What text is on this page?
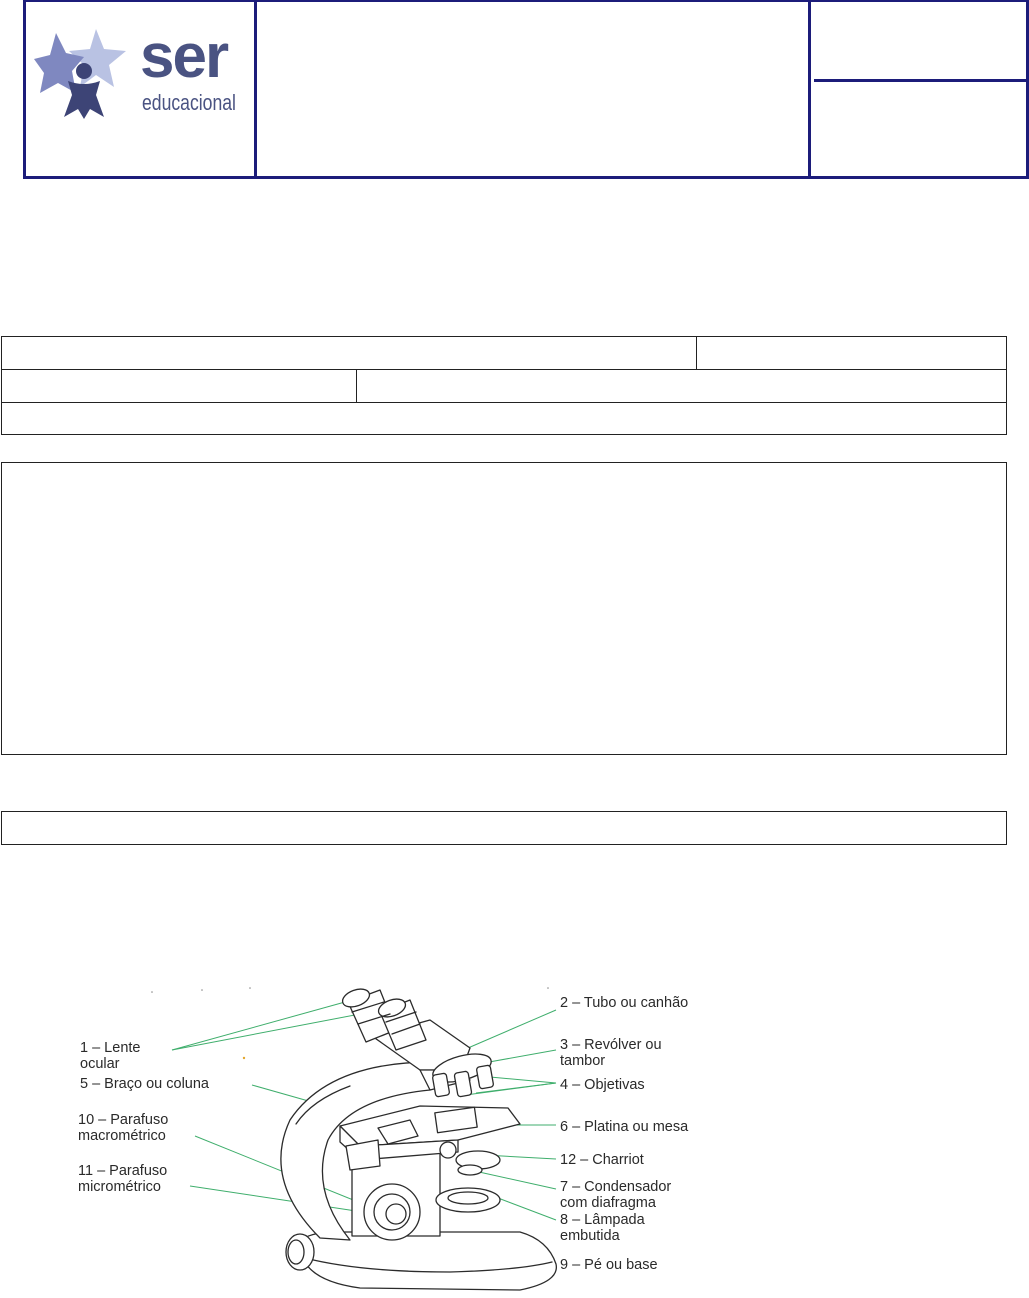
ser
educacional
1 – Lente
ocular
2 – Tubo ou canhão
3 – Revólver ou
tambor
4 – Objetivas
5 – Braço ou coluna
6 – Platina ou mesa
10 – Parafuso
macrométrico
12 – Charriot
11 – Parafuso
micrométrico	7 – Condensador
com diafragma
8 – Lâmpada
embutida
9 – Pé ou base
